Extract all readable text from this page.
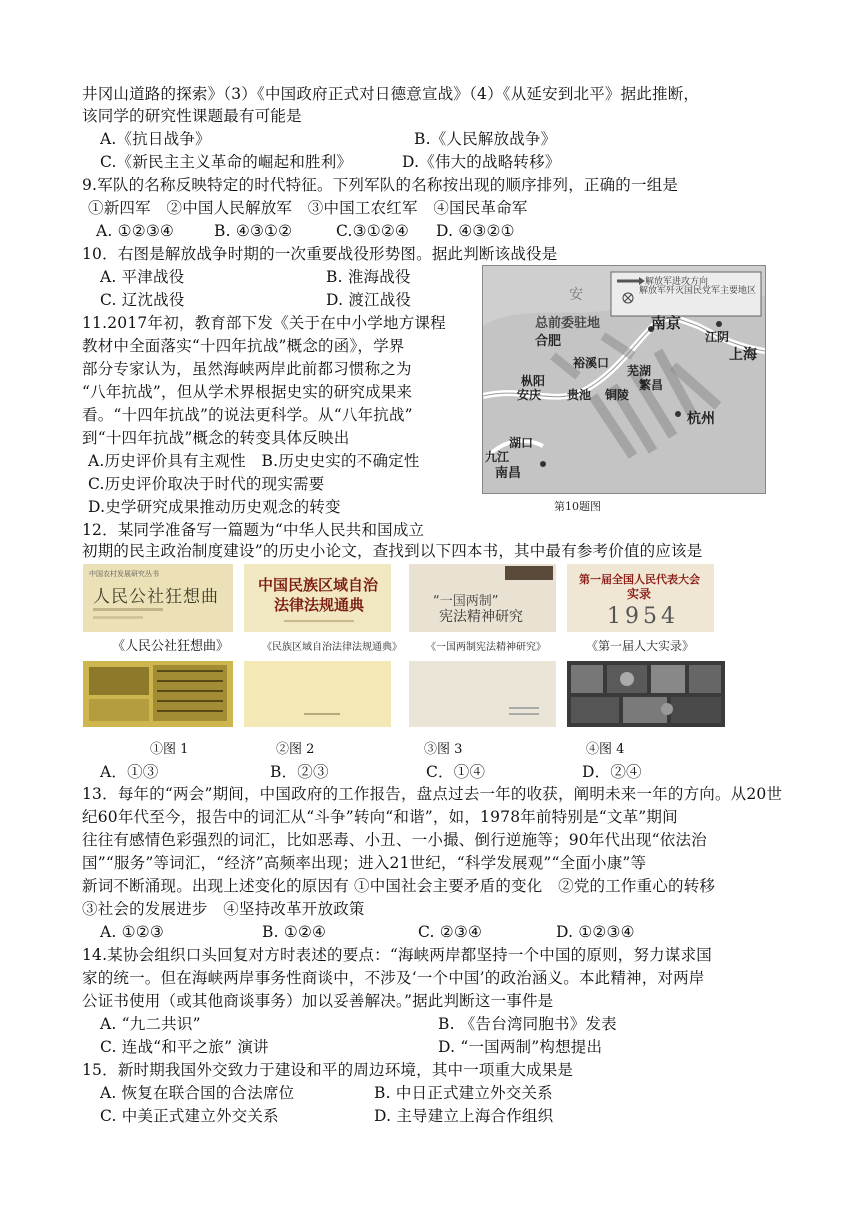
井冈山道路的探索》（3）《中国政府正式对日德意宣战》（4）《从延安到北平》据此推断，
该同学的研究性课题最有可能是
A.《抗日战争》	B.《人民解放战争》
C.《新民主主义革命的崛起和胜利》	D.《伟大的战略转移》
9.军队的名称反映特定的时代特征。下列军队的名称按出现的顺序排列，正确的一组是
①新四军　②中国人民解放军　③中国工农红军　④国民革命军
A. ①②③④	B. ④③①②	C.③①②④ D. ④③②①
10．右图是解放战争时期的一次重要战役形势图。据此判断该战役是
A. 平津战役	B. 淮海战役
C. 辽沈战役	D. 渡江战役
11.2017年初，教育部下发《关于在中小学地方课程
教材中全面落实“十四年抗战”概念的函》，学界
部分专家认为，虽然海峡两岸此前都习惯称之为
“八年抗战”，但从学术界根据史实的研究成果来
看。“十四年抗战”的说法更科学。从“八年抗战”
到“十四年抗战”概念的转变具体反映出
A.历史评价具有主观性　B.历史史实的不确定性
C.历史评价取决于时代的现实需要
D.史学研究成果推动历史观念的转变
解放军进攻方向
解放军歼灭国民党军主要地区
安
总前委驻地
合肥
南京
江阴
上海
裕溪口
芜湖
繁昌
枞阳
安庆 贵池 铜陵
杭州
湖口
九江
南昌
第10题图
12．某同学准备写一篇题为“中华人民共和国成立
初期的民主政治制度建设”的历史小论文，查找到以下四本书，其中最有参考价值的应该是
中国农村发展研究丛书
人民公社狂想曲
中国民族区域自治
法律法规通典	“一国两制”
宪法精神研究
第一届全国人民代表大会
实录
1954
《人民公社狂想曲》	《民族区域自治法律法规通典》 《一国两制宪法精神研究》	《第一届人大实录》
①图 1	②图 2	③图 3	④图 4
A．①③	B．②③	C．①④	D．②④
13．每年的“两会”期间，中国政府的工作报告，盘点过去一年的收获，阐明未来一年的方向。从20世
纪60年代至今，报告中的词汇从“斗争”转向“和谐”，如，1978年前特别是“文革”期间
往往有感情色彩强烈的词汇，比如恶毒、小丑、一小撮、倒行逆施等；90年代出现“依法治
国”“服务”等词汇，“经济”高频率出现；进入21世纪，“科学发展观”“全面小康”等
新词不断涌现。出现上述变化的原因有 ①中国社会主要矛盾的变化　②党的工作重心的转移
③社会的发展进步　④坚持改革开放政策
A. ①②③	B. ①②④	C. ②③④	D. ①②③④
14.某协会组织口头回复对方时表述的要点：“海峡两岸都坚持一个中国的原则，努力谋求国
家的统一。但在海峡两岸事务性商谈中，不涉及‘一个中国’的政治涵义。本此精神，对两岸
公证书使用（或其他商谈事务）加以妥善解决。”据此判断这一事件是
A. “九二共识”	B. 《告台湾同胞书》发表
C. 连战“和平之旅” 演讲	D. “一国两制”构想提出
15．新时期我国外交致力于建设和平的周边环境，其中一项重大成果是
A. 恢复在联合国的合法席位	B. 中日正式建立外交关系
C. 中美正式建立外交关系	D. 主导建立上海合作组织
